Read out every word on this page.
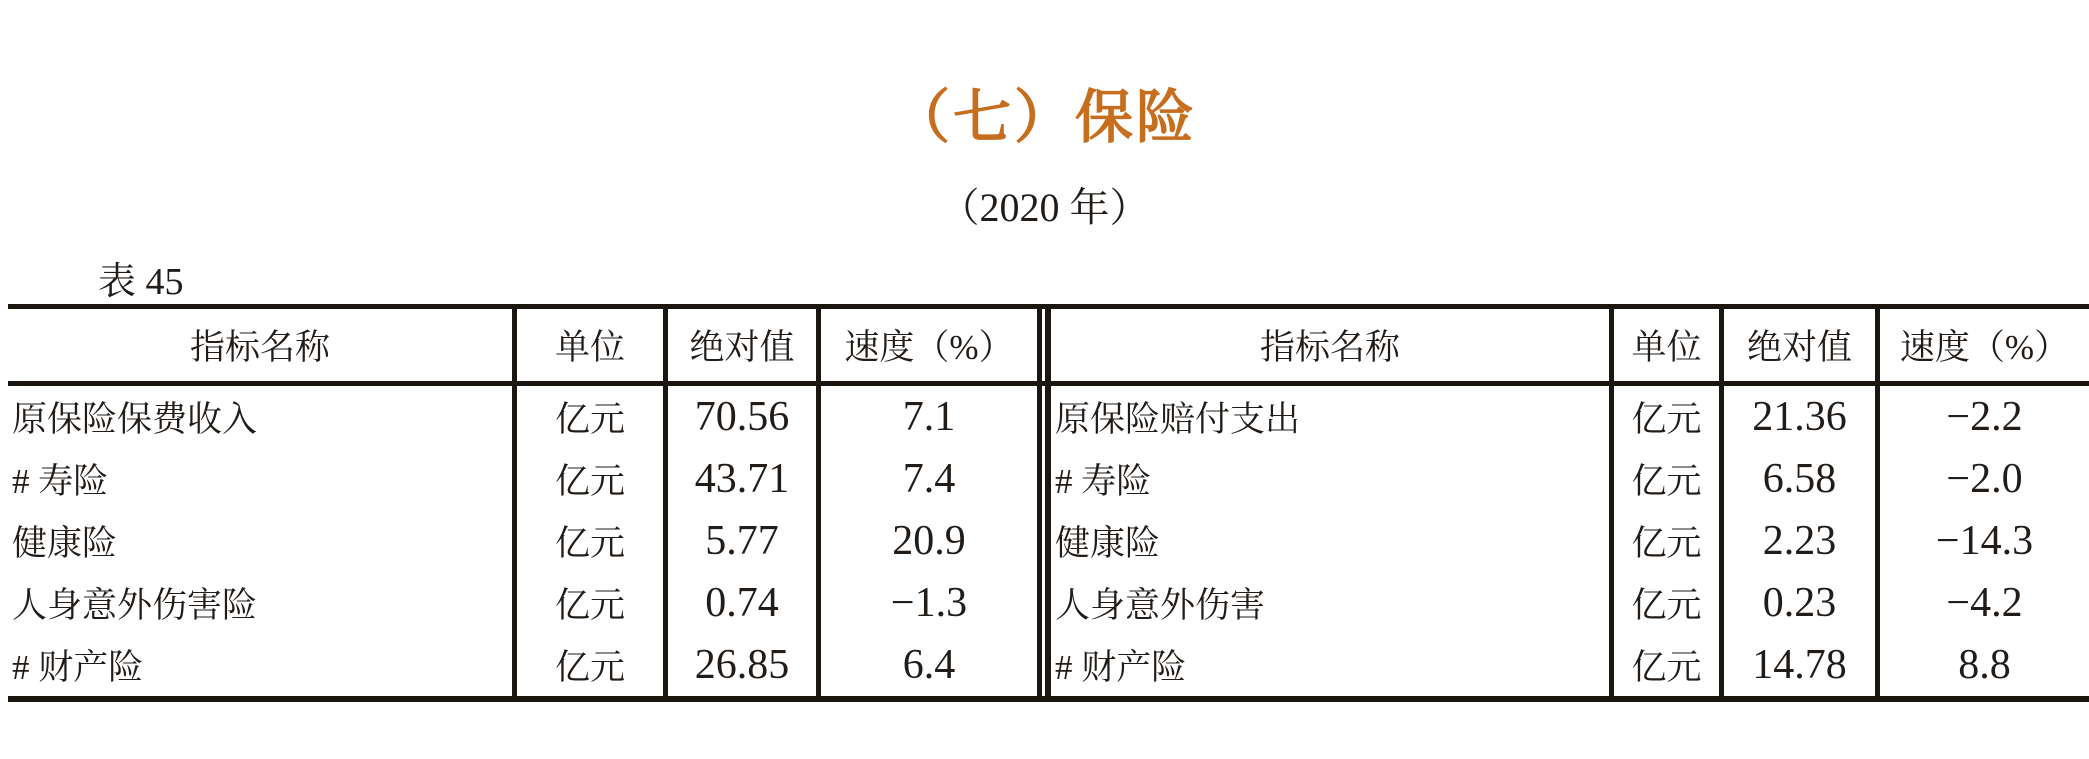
（七）保险
（2020 年）
表 45
指标名称	单位	绝对值	速度（%）	指标名称	单位	绝对值	速度（%）
原保险保费收入	亿元	70.56	7.1	原保险赔付支出	亿元	21.36	−2.2
# 寿险	亿元	43.71	7.4	# 寿险	亿元	6.58	−2.0
健康险	亿元	5.77	20.9	健康险	亿元	2.23	−14.3
人身意外伤害险	亿元	0.74	−1.3	人身意外伤害	亿元	0.23	−4.2
# 财产险	亿元	26.85	6.4	# 财产险	亿元	14.78	8.8
